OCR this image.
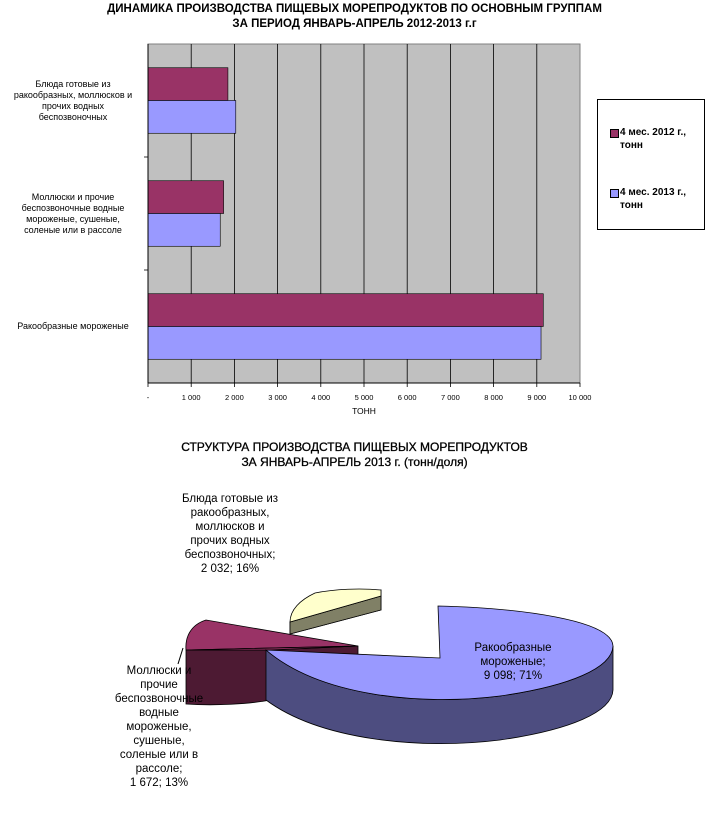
ДИНАМИКА ПРОИЗВОДСТВА ПИЩЕВЫХ МОРЕПРОДУКТОВ ПО ОСНОВНЫМ ГРУППАМ
ЗА ПЕРИОД ЯНВАРЬ-АПРЕЛЬ 2012-2013 г.г
-	1 000	2 000	3 000	4 000	5 000	6 000	7 000	8 000	9 000	10 000
ТОНН
Блюда готовые из
ракообразных, моллюсков и
прочих водных
беспозвоночных
Моллюски и прочие
беспозвоночные водные
мороженые, сушеные,
соленые или в рассоле
Ракообразные мороженые
4 мес. 2012 г.,
тонн
4 мес. 2013 г.,
тонн
СТРУКТУРА ПРОИЗВОДСТВА ПИЩЕВЫХ МОРЕПРОДУКТОВ
ЗА ЯНВАРЬ-АПРЕЛЬ 2013 г. (тонн/доля)
Блюда готовые из
ракообразных,
моллюсков и
прочих водных
беспозвоночных;
2 032; 16%
Моллюски и
прочие
беспозвоночные
водные
мороженые,
сушеные,
соленые или в
рассоле;
1 672; 13%
Ракообразные
мороженые;
9 098; 71%
